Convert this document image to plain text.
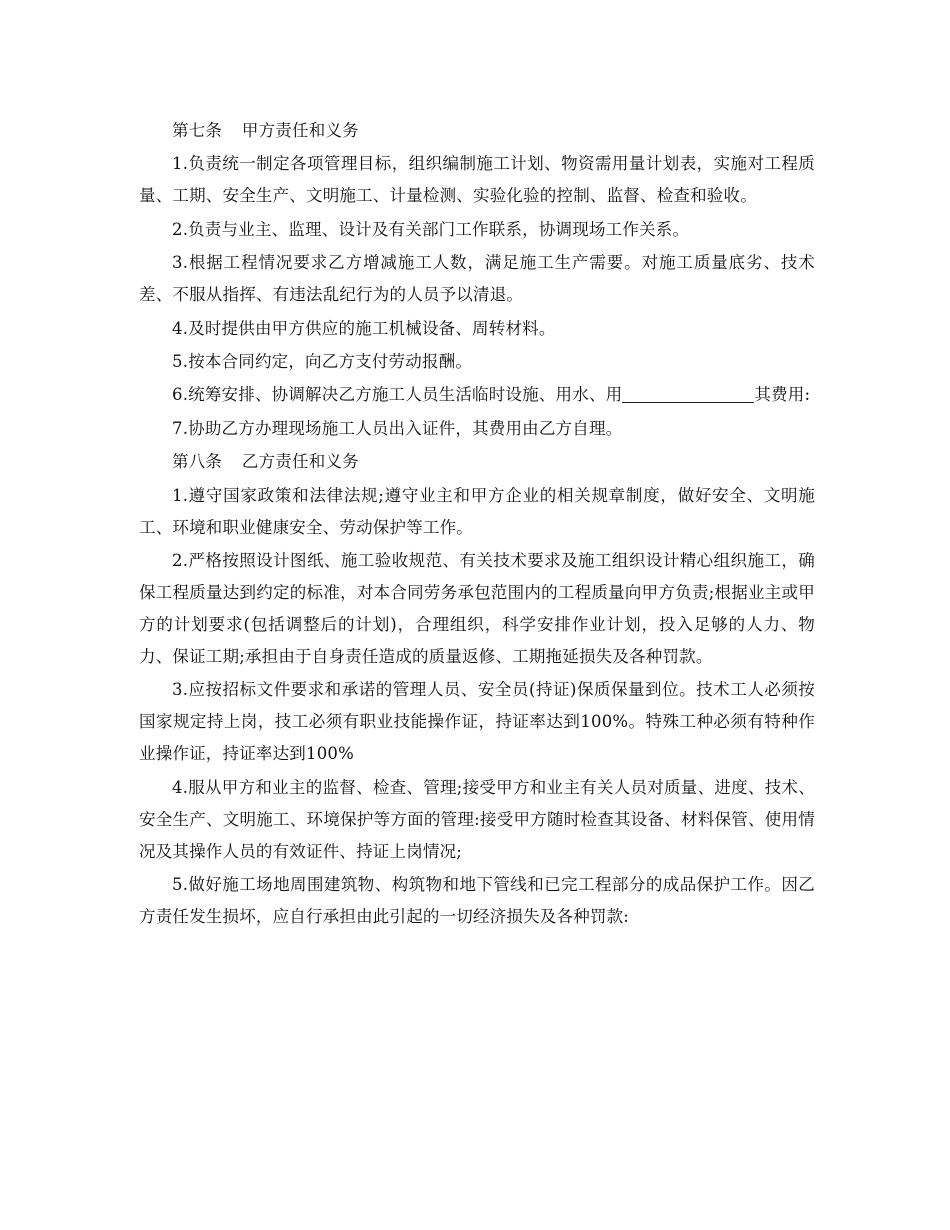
第七条 甲方责任和义务

1.负责统一制定各项管理目标，组织编制施工计划、物资需用量计划表，实施对工程质量、工期、安全生产、文明施工、计量检测、实验化验的控制、监督、检查和验收。

2.负责与业主、监理、设计及有关部门工作联系，协调现场工作关系。

3.根据工程情况要求乙方增减施工人数，满足施工生产需要。对施工质量底劣、技术差、不服从指挥、有违法乱纪行为的人员予以清退。

4.及时提供由甲方供应的施工机械设备、周转材料。

5.按本合同约定，向乙方支付劳动报酬。

6.统筹安排、协调解决乙方施工人员生活临时设施、用水、用	其费用:

7.协助乙方办理现场施工人员出入证件，其费用由乙方自理。

第八条 乙方责任和义务

1.遵守国家政策和法律法规;遵守业主和甲方企业的相关规章制度，做好安全、文明施工、环境和职业健康安全、劳动保护等工作。

2.严格按照设计图纸、施工验收规范、有关技术要求及施工组织设计精心组织施工，确保工程质量达到约定的标准，对本合同劳务承包范围内的工程质量向甲方负责;根据业主或甲方的计划要求(包括调整后的计划)，合理组织，科学安排作业计划，投入足够的人力、物力、保证工期;承担由于自身责任造成的质量返修、工期拖延损失及各种罚款。

3.应按招标文件要求和承诺的管理人员、安全员(持证)保质保量到位。技术工人必须按国家规定持上岗，技工必须有职业技能操作证，持证率达到100%。特殊工种必须有特种作业操作证，持证率达到100%

4.服从甲方和业主的监督、检查、管理;接受甲方和业主有关人员对质量、进度、技术、安全生产、文明施工、环境保护等方面的管理:接受甲方随时检查其设备、材料保管、使用情况及其操作人员的有效证件、持证上岗情况;

5.做好施工场地周围建筑物、构筑物和地下管线和已完工程部分的成品保护工作。因乙方责任发生损坏，应自行承担由此引起的一切经济损失及各种罚款:
